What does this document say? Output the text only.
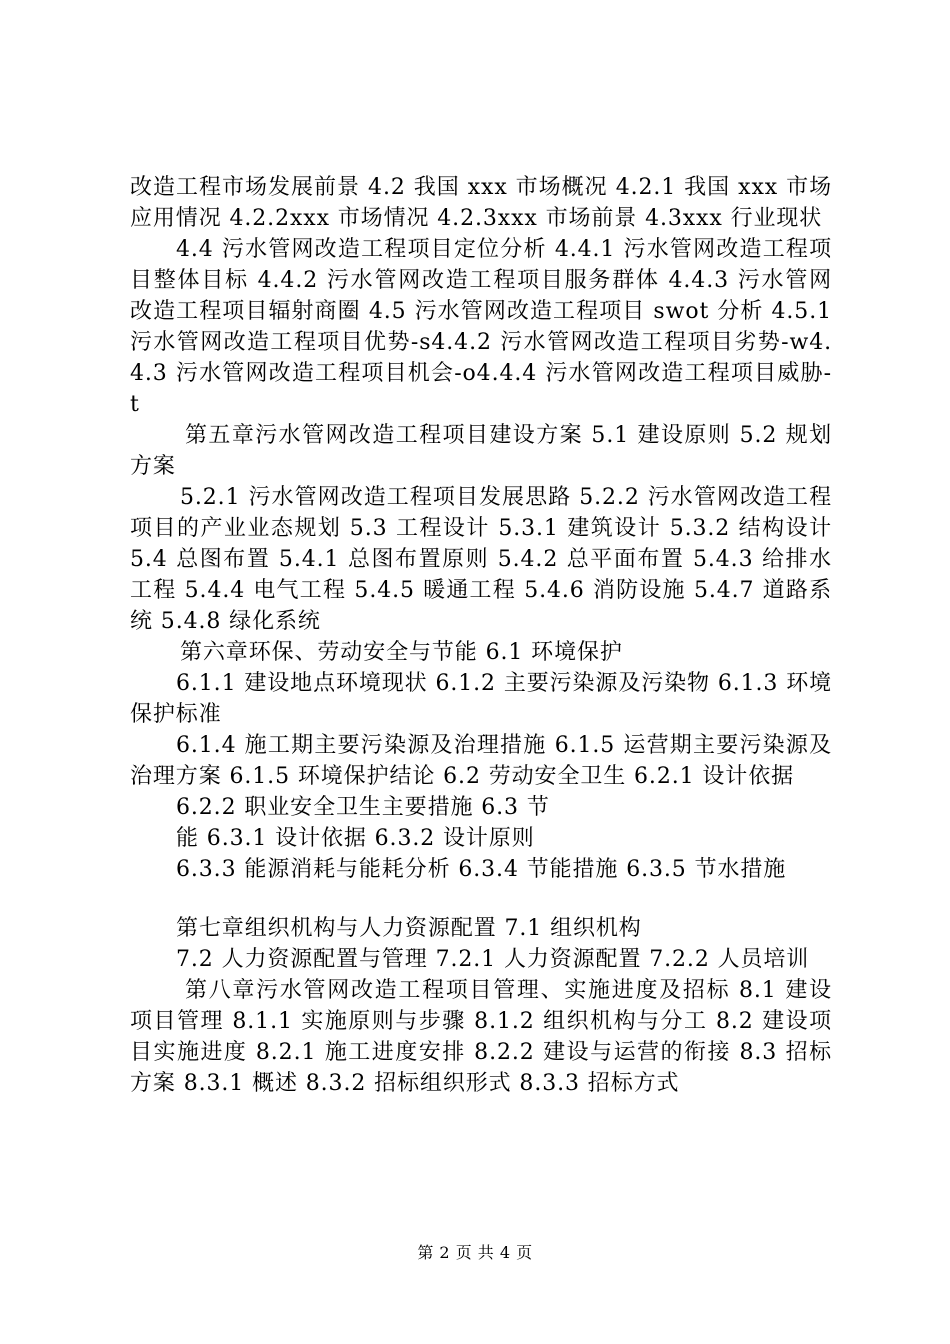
改造工程市场发展前景 4.2 我国 xxx 市场概况 4.2.1 我国 xxx 市场应用情况 4.2.2xxx 市场情况 4.2.3xxx 市场前景 4.3xxx 行业现状

4.4 污水管网改造工程项目定位分析 4.4.1 污水管网改造工程项目整体目标 4.4.2 污水管网改造工程项目服务群体 4.4.3 污水管网改造工程项目辐射商圈 4.5 污水管网改造工程项目 swot 分析 4.5.1 污水管网改造工程项目优势-s4.4.2 污水管网改造工程项目劣势-w4.4.3 污水管网改造工程项目机会-o4.4.4 污水管网改造工程项目威胁-t

第五章污水管网改造工程项目建设方案 5.1 建设原则 5.2 规划方案

5.2.1 污水管网改造工程项目发展思路 5.2.2 污水管网改造工程项目的产业业态规划 5.3 工程设计 5.3.1 建筑设计 5.3.2 结构设计 5.4 总图布置 5.4.1 总图布置原则 5.4.2 总平面布置 5.4.3 给排水工程 5.4.4 电气工程 5.4.5 暖通工程 5.4.6 消防设施 5.4.7 道路系统 5.4.8 绿化系统

第六章环保、劳动安全与节能 6.1 环境保护

6.1.1 建设地点环境现状 6.1.2 主要污染源及污染物 6.1.3 环境保护标准

6.1.4 施工期主要污染源及治理措施 6.1.5 运营期主要污染源及治理方案 6.1.5 环境保护结论 6.2 劳动安全卫生 6.2.1 设计依据

6.2.2 职业安全卫生主要措施 6.3 节

能 6.3.1 设计依据 6.3.2 设计原则

6.3.3 能源消耗与能耗分析 6.3.4 节能措施 6.3.5 节水措施

第七章组织机构与人力资源配置 7.1 组织机构

7.2 人力资源配置与管理 7.2.1 人力资源配置 7.2.2 人员培训

第八章污水管网改造工程项目管理、实施进度及招标 8.1 建设项目管理 8.1.1 实施原则与步骤 8.1.2 组织机构与分工 8.2 建设项目实施进度 8.2.1 施工进度安排 8.2.2 建设与运营的衔接 8.3 招标方案 8.3.1 概述 8.3.2 招标组织形式 8.3.3 招标方式

第 2 页 共 4 页
